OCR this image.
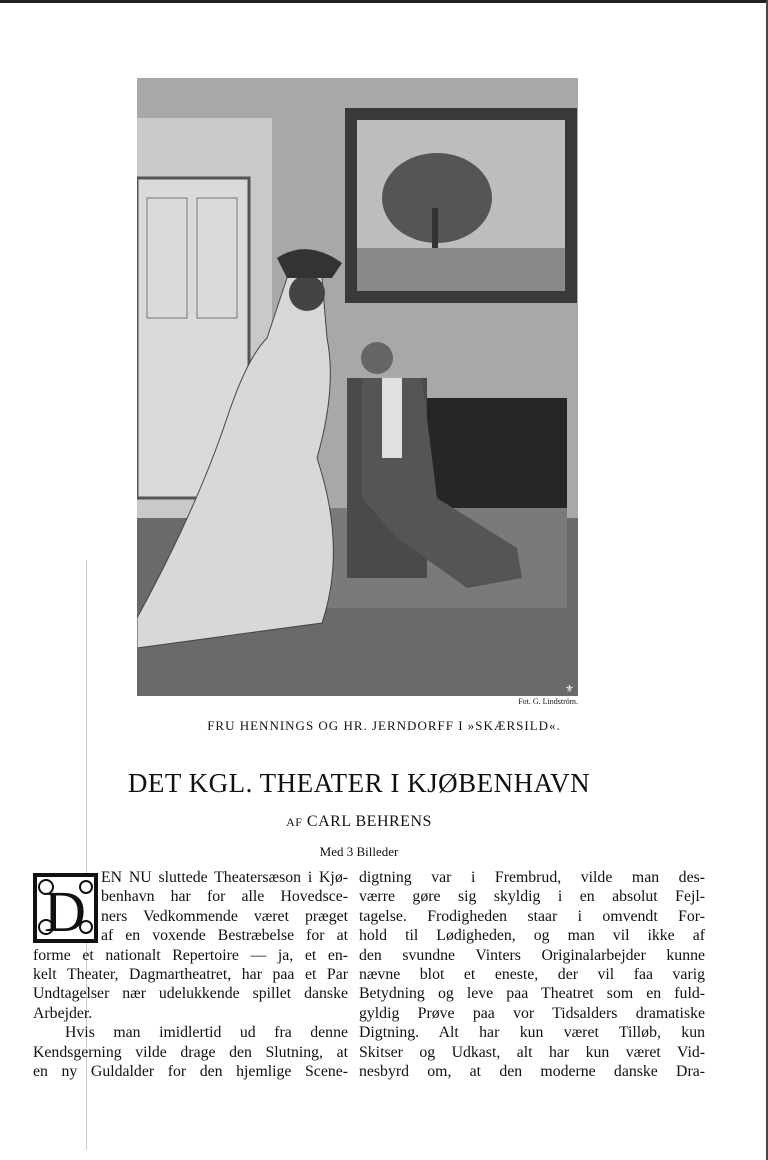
⚜
Fot. G. Lindström.
FRU HENNINGS OG HR. JERNDORFF I »SKÆRSILD«.
DET KGL. THEATER I KJØBENHAVN
AF CARL BEHRENS
Med 3 Billeder
D
EN NU sluttede Theatersæson i Kjø-
benhavn har for alle Hovedsce-
ners Vedkommende været præget
af en voxende Bestræbelse for at
forme et nationalt Repertoire — ja, et en-
kelt Theater, Dagmartheatret, har paa et Par
Undtagelser nær udelukkende spillet danske
Arbejder.
Hvis man imidlertid ud fra denne
Kendsgerning vilde drage den Slutning, at
en ny Guldalder for den hjemlige Scene-
digtning var i Frembrud, vilde man des-
værre gøre sig skyldig i en absolut Fejl-
tagelse. Frodigheden staar i omvendt For-
hold til Lødigheden, og man vil ikke af
den svundne Vinters Originalarbejder kunne
nævne blot et eneste, der vil faa varig
Betydning og leve paa Theatret som en fuld-
gyldig Prøve paa vor Tidsalders dramatiske
Digtning. Alt har kun været Tilløb, kun
Skitser og Udkast, alt har kun været Vid-
nesbyrd om, at den moderne danske Dra-
